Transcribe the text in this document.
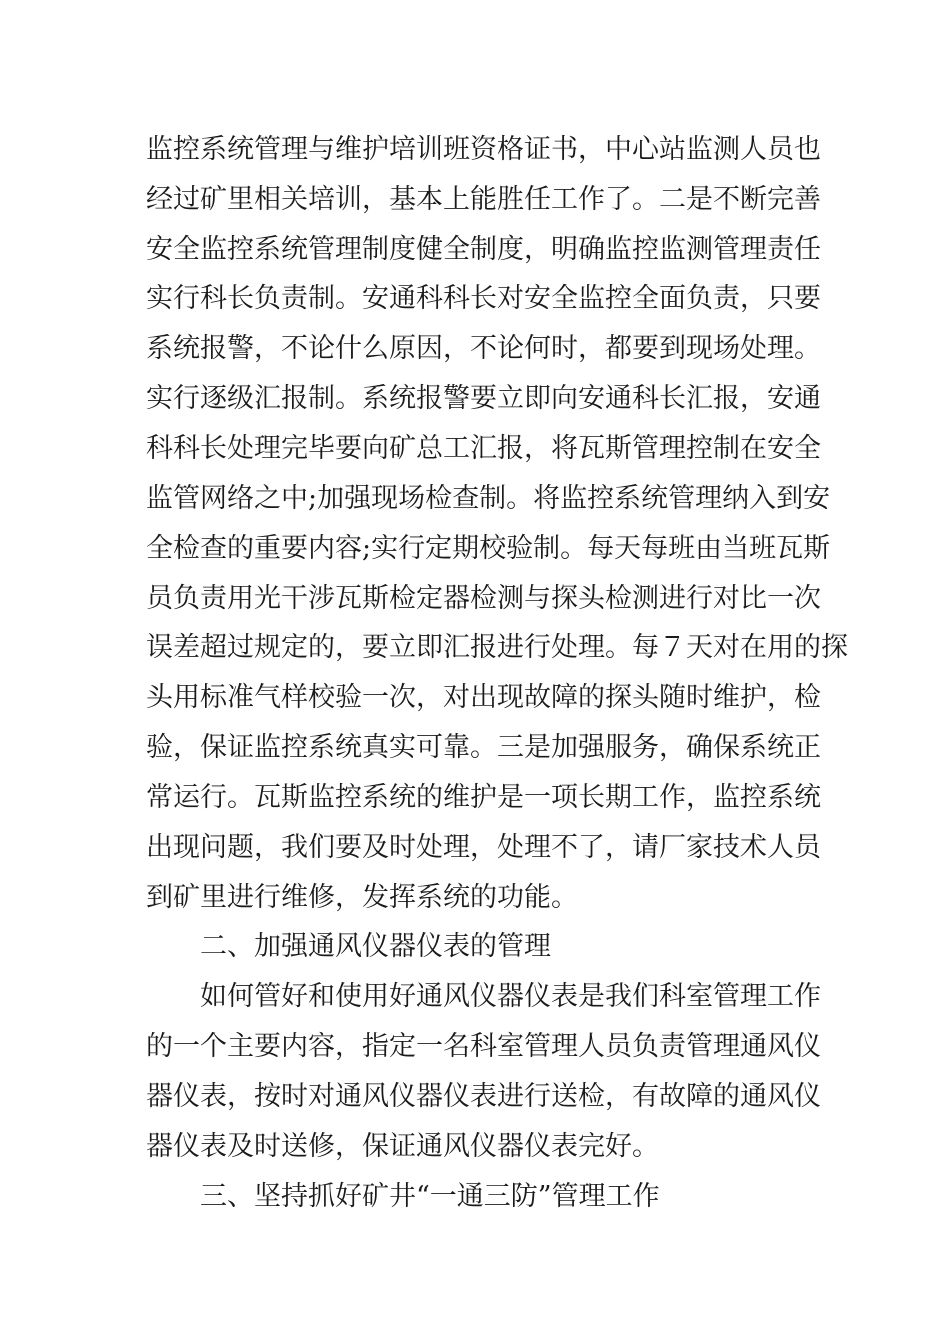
监控系统管理与维护培训班资格证书，中心站监测人员也
经过矿里相关培训，基本上能胜任工作了。二是不断完善
安全监控系统管理制度健全制度，明确监控监测管理责任
实行科长负责制。安通科科长对安全监控全面负责，只要
系统报警，不论什么原因，不论何时，都要到现场处理。
实行逐级汇报制。系统报警要立即向安通科长汇报，安通
科科长处理完毕要向矿总工汇报，将瓦斯管理控制在安全
监管网络之中;加强现场检查制。将监控系统管理纳入到安
全检查的重要内容;实行定期校验制。每天每班由当班瓦斯
员负责用光干涉瓦斯检定器检测与探头检测进行对比一次
误差超过规定的，要立即汇报进行处理。每７天对在用的探
头用标准气样校验一次，对出现故障的探头随时维护，检
验，保证监控系统真实可靠。三是加强服务，确保系统正
常运行。瓦斯监控系统的维护是一项长期工作，监控系统
出现问题，我们要及时处理，处理不了，请厂家技术人员
到矿里进行维修，发挥系统的功能。
二、加强通风仪器仪表的管理
如何管好和使用好通风仪器仪表是我们科室管理工作
的一个主要内容，指定一名科室管理人员负责管理通风仪
器仪表，按时对通风仪器仪表进行送检，有故障的通风仪
器仪表及时送修，保证通风仪器仪表完好。
三、坚持抓好矿井“一通三防”管理工作
